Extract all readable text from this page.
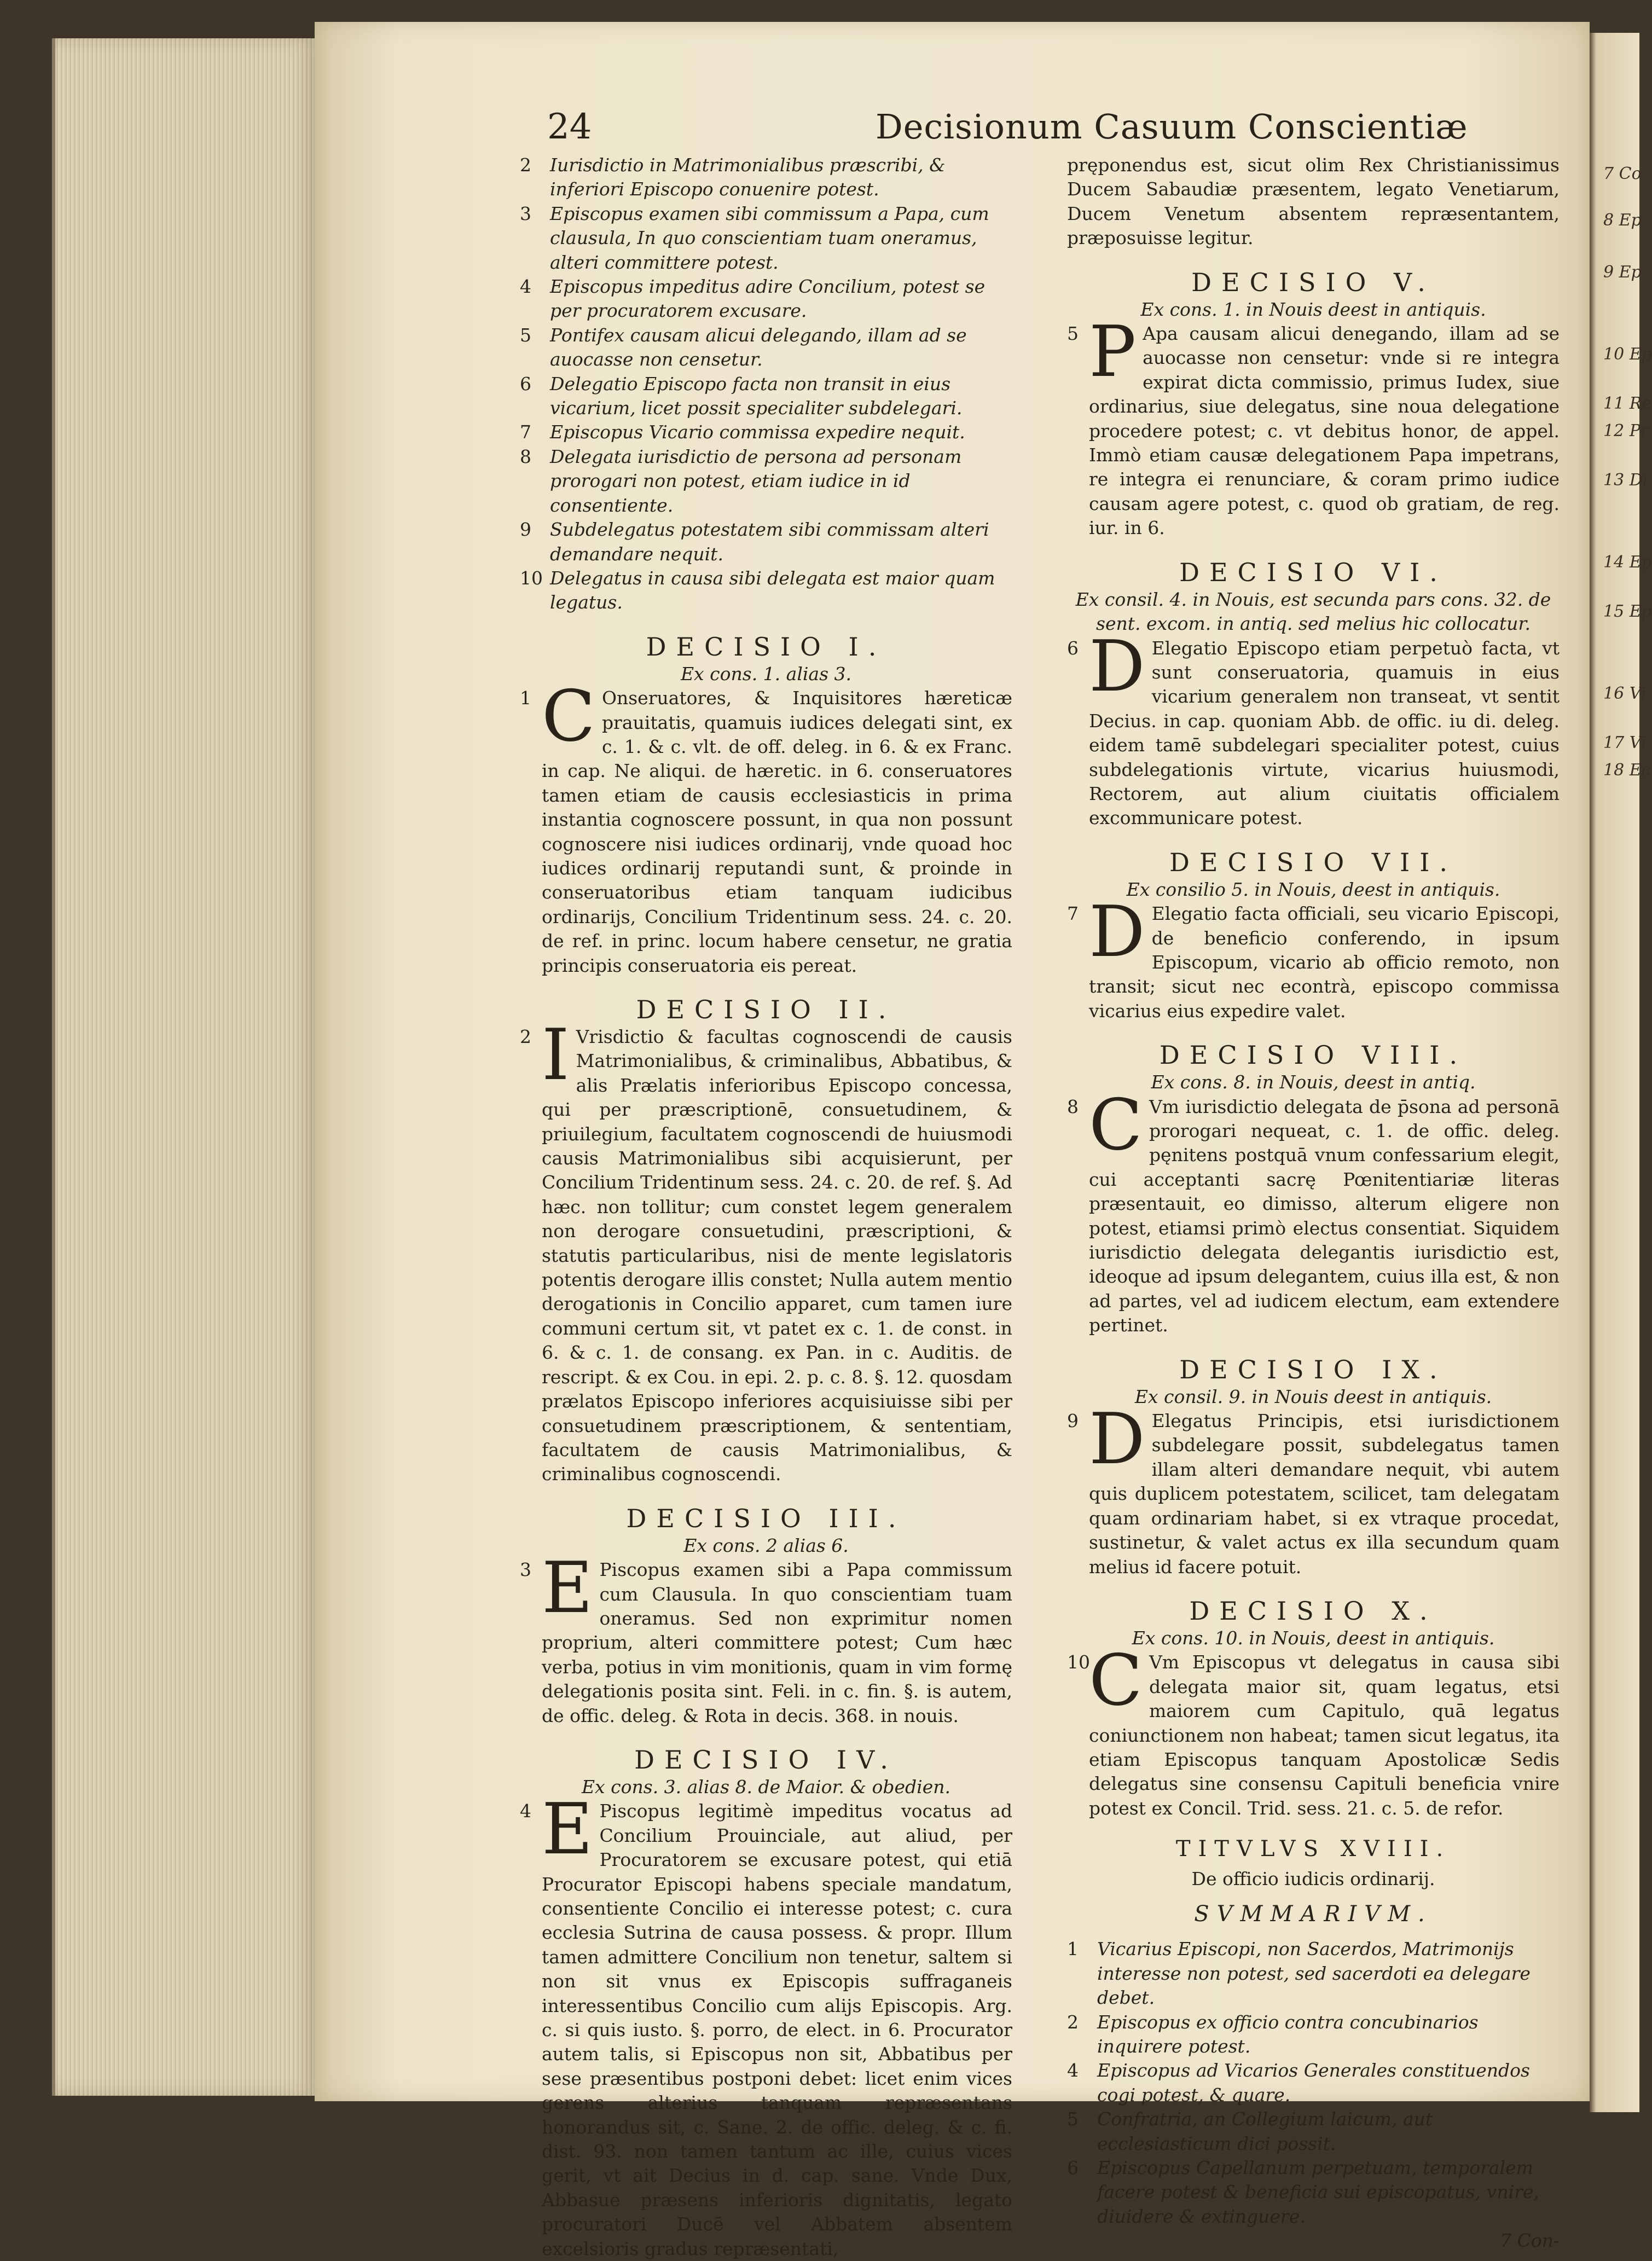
7 Co
8 Ep
9 Ep
10 Ep
11 Re
12 Pr
13 Di
14 Ep
15 Ep
16 Vi
17 Vi
18 Ec
24	Decisionum Casuum Conscientiæ

2 Iurisdictio in Matrimonialibus præscribi, & inferiori Episcopo conuenire potest.

3 Episcopus examen sibi commissum a Papa, cum clausula, In quo conscientiam tuam oneramus, alteri committere potest.

4 Episcopus impeditus adire Concilium, potest se per procuratorem excusare.

5 Pontifex causam alicui delegando, illam ad se auocasse non censetur.

6 Delegatio Episcopo facta non transit in eius vicarium, licet possit specialiter subdelegari.

7 Episcopus Vicario commissa expedire nequit.

8 Delegata iurisdictio de persona ad personam prorogari non potest, etiam iudice in id consentiente.

9 Subdelegatus potestatem sibi commissam alteri demandare nequit.

10 Delegatus in causa sibi delegata est maior quam legatus.

DECISIO I.

Ex cons. 1. alias 3.

1 C Onseruatores, & Inquisitores hæreticæ prauitatis, quamuis iudices delegati sint, ex c. 1. & c. vlt. de off. deleg. in 6. & ex Franc. in cap. Ne aliqui. de hæretic. in 6. conseruatores tamen etiam de causis ecclesiasticis in prima instantia cognoscere possunt, in qua non possunt cognoscere nisi iudices ordinarij, vnde quoad hoc iudices ordinarij reputandi sunt, & proinde in conseruatoribus etiam tanquam iudicibus ordinarijs, Concilium Tridentinum sess. 24. c. 20. de ref. in princ. locum habere censetur, ne gratia principis conseruatoria eis pereat.

DECISIO II.

2 I Vrisdictio & facultas cognoscendi de causis Matrimonialibus, & criminalibus, Abbatibus, & alis Prælatis inferioribus Episcopo concessa, qui per præscriptionē, consuetudinem, & priuilegium, facultatem cognoscendi de huiusmodi causis Matrimonialibus sibi acquisierunt, per Concilium Tridentinum sess. 24. c. 20. de ref. §. Ad hæc. non tollitur; cum constet legem generalem non derogare consuetudini, præscriptioni, & statutis particularibus, nisi de mente legislatoris potentis derogare illis constet; Nulla autem mentio derogationis in Concilio apparet, cum tamen iure communi certum sit, vt patet ex c. 1. de const. in 6. & c. 1. de consang. ex Pan. in c. Auditis. de rescript. & ex Cou. in epi. 2. p. c. 8. §. 12. quosdam prælatos Episcopo inferiores acquisiuisse sibi per consuetudinem præscriptionem, & sententiam, facultatem de causis Matrimonialibus, & criminalibus cognoscendi.

DECISIO III.

Ex cons. 2 alias 6.

3 E Piscopus examen sibi a Papa commissum cum Clausula. In quo conscientiam tuam oneramus. Sed non exprimitur nomen proprium, alteri committere potest; Cum hæc verba, potius in vim monitionis, quam in vim formę delegationis posita sint. Feli. in c. fin. §. is autem, de offic. deleg. & Rota in decis. 368. in nouis.

DECISIO IV.

Ex cons. 3. alias 8. de Maior. & obedien.

4 E Piscopus legitimè impeditus vocatus ad Concilium Prouinciale, aut aliud, per Procuratorem se excusare potest, qui etiā Procurator Episcopi habens speciale mandatum, consentiente Concilio ei interesse potest; c. cura ecclesia Sutrina de causa possess. & propr. Illum tamen admittere Concilium non tenetur, saltem si non sit vnus ex Episcopis suffraganeis interessentibus Concilio cum alijs Episcopis. Arg. c. si quis iusto. §. porro, de elect. in 6. Procurator autem talis, si Episcopus non sit, Abbatibus per sese præsentibus postponi debet: licet enim vices gerens alterius tanquam repræsentans honorandus sit, c. Sane. 2. de offic. deleg. & c. fi. dist. 93. non tamen tantum ac ille, cuius vices gerit, vt ait Decius in d. cap. sane. Vnde Dux, Abbasue præsens inferioris dignitatis, legato procuratori Ducē vel Abbatem absentem excelsioris gradus repræsentati,

pręponendus est, sicut olim Rex Christianissimus Ducem Sabaudiæ præsentem, legato Venetiarum, Ducem Venetum absentem repræsentantem, præposuisse legitur.

DECISIO V.

Ex cons. 1. in Nouis deest in antiquis.

5 P Apa causam alicui denegando, illam ad se auocasse non censetur: vnde si re integra expirat dicta commissio, primus Iudex, siue ordinarius, siue delegatus, sine noua delegatione procedere potest; c. vt debitus honor, de appel. Immò etiam causæ delegationem Papa impetrans, re integra ei renunciare, & coram primo iudice causam agere potest, c. quod ob gratiam, de reg. iur. in 6.

DECISIO VI.

Ex consil. 4. in Nouis, est secunda pars cons. 32. de sent. excom. in antiq. sed melius hic collocatur.

6 D Elegatio Episcopo etiam perpetuò facta, vt sunt conseruatoria, quamuis in eius vicarium generalem non transeat, vt sentit Decius. in cap. quoniam Abb. de offic. iu di. deleg. eidem tamē subdelegari specialiter potest, cuius subdelegationis virtute, vicarius huiusmodi, Rectorem, aut alium ciuitatis officialem excommunicare potest.

DECISIO VII.

Ex consilio 5. in Nouis, deest in antiquis.

7 D Elegatio facta officiali, seu vicario Episcopi, de beneficio conferendo, in ipsum Episcopum, vicario ab officio remoto, non transit; sicut nec econtrà, episcopo commissa vicarius eius expedire valet.

DECISIO VIII.

Ex cons. 8. in Nouis, deest in antiq.

8 C Vm iurisdictio delegata de p̄sona ad personā prorogari nequeat, c. 1. de offic. deleg. pęnitens postquā vnum confessarium elegit, cui acceptanti sacrę Pœnitentiariæ literas præsentauit, eo dimisso, alterum eligere non potest, etiamsi primò electus consentiat. Siquidem iurisdictio delegata delegantis iurisdictio est, ideoque ad ipsum delegantem, cuius illa est, & non ad partes, vel ad iudicem electum, eam extendere pertinet.

DECISIO IX.

Ex consil. 9. in Nouis deest in antiquis.

9 D Elegatus Principis, etsi iurisdictionem subdelegare possit, subdelegatus tamen illam alteri demandare nequit, vbi autem quis duplicem potestatem, scilicet, tam delegatam quam ordinariam habet, si ex vtraque procedat, sustinetur, & valet actus ex illa secundum quam melius id facere potuit.

DECISIO X.

Ex cons. 10. in Nouis, deest in antiquis.

10
C Vm Episcopus vt delegatus in causa sibi delegata maior sit, quam legatus, etsi maiorem cum Capitulo, quā legatus coniunctionem non habeat; tamen sicut legatus, ita etiam Episcopus tanquam Apostolicæ Sedis delegatus sine consensu Capituli beneficia vnire potest ex Concil. Trid. sess. 21. c. 5. de refor.

TITVLVS XVIII.
De officio iudicis ordinarij.
SVMMARIVM.

1 Vicarius Episcopi, non Sacerdos, Matrimonijs interesse non potest, sed sacerdoti ea delegare debet.

2 Episcopus ex officio contra concubinarios inquirere potest.

4 Episcopus ad Vicarios Generales constituendos cogi potest, & quare.

5 Confratria, an Collegium laicum, aut ecclesiasticum dici possit.

6 Episcopus Capellanum perpetuam, temporalem facere potest & beneficia sui episcopatus, vnire, diuidere & extinguere.

7 Con-
